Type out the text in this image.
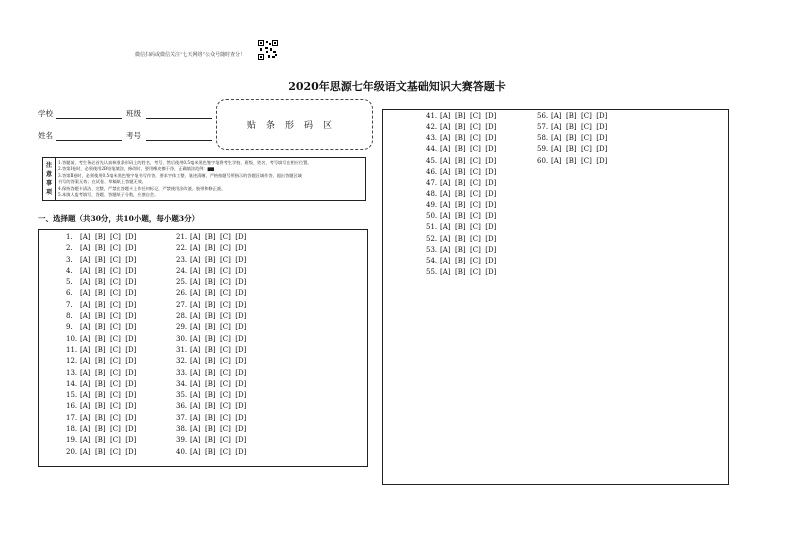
微信扫码或微信关注“七天网络”公众号随时查分！
2020年思源七年级语文基础知识大赛答题卡
学校	班级
姓名	考号
贴条形码区
注
意
事
项
1.答题前，考生务必首先认真核准条形码上的姓名、考号，然后使用0.5毫米黑色签字笔将考生学校、班级、姓名、考号填写在相应位置。
2.答第Ⅰ卷时，必须使用2B铅笔填涂，修改时，要用橡皮擦干净，正确填涂范例：▆▆
3.答第Ⅱ卷时，必须使用0.5毫米黑色签字笔书写作答，要求字体工整、笔迹清晰，严格按题号所指示的答题区域作答，超出答题区域
书写的答案无效；在试卷、草稿纸上答题无效。
4.保持答题卡清洁、完整，严禁在答题卡上作任何标记，严禁使用涂改液、胶带和修正液。
5.本填人监考填写，答题、答题纸子分数，应凛自会。
一、选择题（共30分，共10小题，每小题3分）
1. [A]  [B]  [C]  [D]
2. [A]  [B]  [C]  [D]
3. [A]  [B]  [C]  [D]
4. [A]  [B]  [C]  [D]
5. [A]  [B]  [C]  [D]
6. [A]  [B]  [C]  [D]
7. [A]  [B]  [C]  [D]
8. [A]  [B]  [C]  [D]
9. [A]  [B]  [C]  [D]
10. [A]  [B]  [C]  [D]
11. [A]  [B]  [C]  [D]
12. [A]  [B]  [C]  [D]
13. [A]  [B]  [C]  [D]
14. [A]  [B]  [C]  [D]
15. [A]  [B]  [C]  [D]
16. [A]  [B]  [C]  [D]
17. [A]  [B]  [C]  [D]
18. [A]  [B]  [C]  [D]
19. [A]  [B]  [C]  [D]
20. [A]  [B]  [C]  [D]
21. [A]  [B]  [C]  [D]
22. [A]  [B]  [C]  [D]
23. [A]  [B]  [C]  [D]
24. [A]  [B]  [C]  [D]
25. [A]  [B]  [C]  [D]
26. [A]  [B]  [C]  [D]
27. [A]  [B]  [C]  [D]
28. [A]  [B]  [C]  [D]
29. [A]  [B]  [C]  [D]
30. [A]  [B]  [C]  [D]
31. [A]  [B]  [C]  [D]
32. [A]  [B]  [C]  [D]
33. [A]  [B]  [C]  [D]
34. [A]  [B]  [C]  [D]
35. [A]  [B]  [C]  [D]
36. [A]  [B]  [C]  [D]
37. [A]  [B]  [C]  [D]
38. [A]  [B]  [C]  [D]
39. [A]  [B]  [C]  [D]
40. [A]  [B]  [C]  [D]
41. [A]  [B]  [C]  [D]
42. [A]  [B]  [C]  [D]
43. [A]  [B]  [C]  [D]
44. [A]  [B]  [C]  [D]
45. [A]  [B]  [C]  [D]
46. [A]  [B]  [C]  [D]
47. [A]  [B]  [C]  [D]
48. [A]  [B]  [C]  [D]
49. [A]  [B]  [C]  [D]
50. [A]  [B]  [C]  [D]
51. [A]  [B]  [C]  [D]
52. [A]  [B]  [C]  [D]
53. [A]  [B]  [C]  [D]
54. [A]  [B]  [C]  [D]
55. [A]  [B]  [C]  [D]
56. [A]  [B]  [C]  [D]
57. [A]  [B]  [C]  [D]
58. [A]  [B]  [C]  [D]
59. [A]  [B]  [C]  [D]
60. [A]  [B]  [C]  [D]
